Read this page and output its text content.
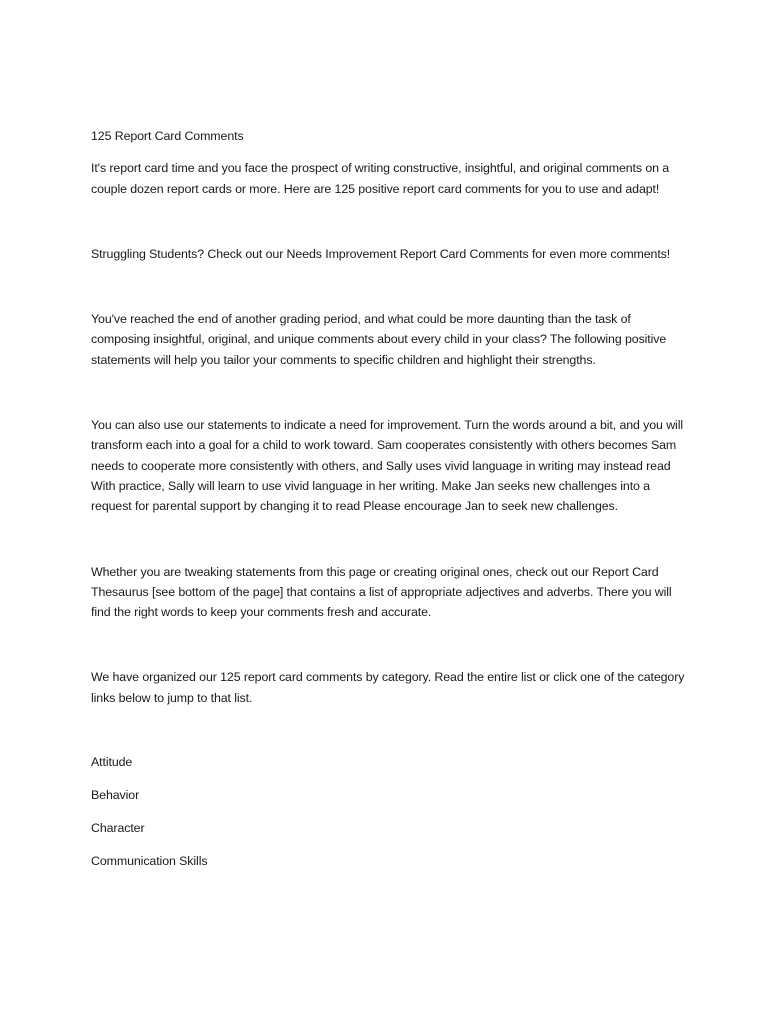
125 Report Card Comments

It's report card time and you face the prospect of writing constructive, insightful, and original comments on a couple dozen report cards or more. Here are 125 positive report card comments for you to use and adapt!

Struggling Students? Check out our Needs Improvement Report Card Comments for even more comments!

You've reached the end of another grading period, and what could be more daunting than the task of composing insightful, original, and unique comments about every child in your class? The following positive statements will help you tailor your comments to specific children and highlight their strengths.

You can also use our statements to indicate a need for improvement. Turn the words around a bit, and you will transform each into a goal for a child to work toward. Sam cooperates consistently with others becomes Sam needs to cooperate more consistently with others, and Sally uses vivid language in writing may instead read With practice, Sally will learn to use vivid language in her writing. Make Jan seeks new challenges into a request for parental support by changing it to read Please encourage Jan to seek new challenges.

Whether you are tweaking statements from this page or creating original ones, check out our Report Card Thesaurus [see bottom of the page] that contains a list of appropriate adjectives and adverbs. There you will find the right words to keep your comments fresh and accurate.

We have organized our 125 report card comments by category. Read the entire list or click one of the category links below to jump to that list.

Attitude
Behavior
Character
Communication Skills
